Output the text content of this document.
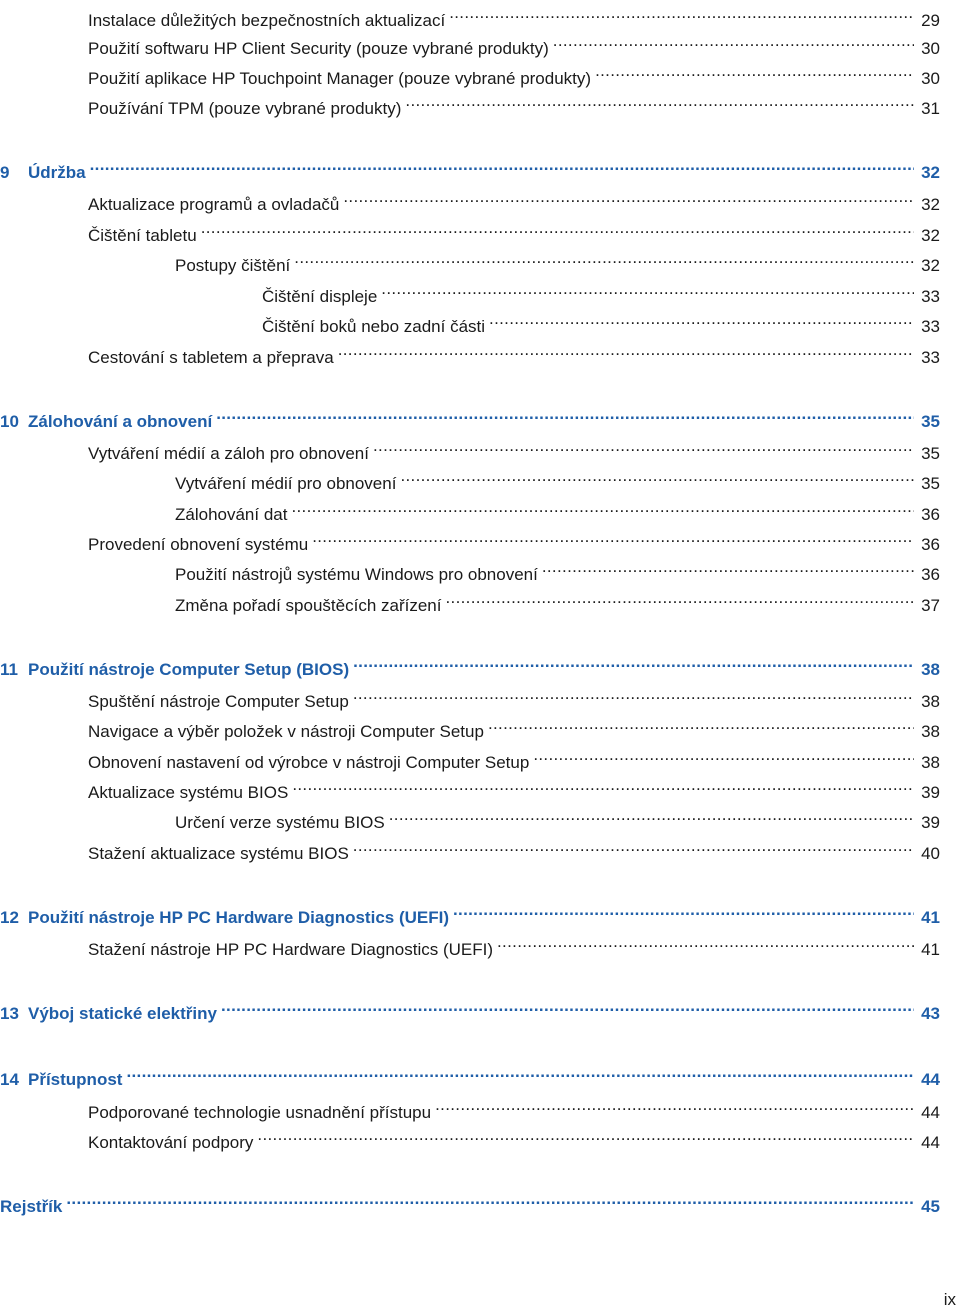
Instalace důležitých bezpečnostních aktualizací . . .	29
Použití softwaru HP Client Security (pouze vybrané produkty) . . .	30
Použití aplikace HP Touchpoint Manager (pouze vybrané produkty) . . .	30
Používání TPM (pouze vybrané produkty) . . .	31
9	Údržba . . .	32
Aktualizace programů a ovladačů . . .	32
Čištění tabletu . . .	32
Postupy čištění . . .	32
Čištění displeje . . .	33
Čištění boků nebo zadní části . . .	33
Cestování s tabletem a přeprava . . .	33
10 Zálohování a obnovení . . .	35
Vytváření médií a záloh pro obnovení . . .	35
Vytváření médií pro obnovení . . .	35
Zálohování dat . . .	36
Provedení obnovení systému . . .	36
Použití nástrojů systému Windows pro obnovení . . .	36
Změna pořadí spouštěcích zařízení . . .	37
11 Použití nástroje Computer Setup (BIOS) . . .	38
Spuštění nástroje Computer Setup . . .	38
Navigace a výběr položek v nástroji Computer Setup . . .	38
Obnovení nastavení od výrobce v nástroji Computer Setup . . .	38
Aktualizace systému BIOS . . .	39
Určení verze systému BIOS . . .	39
Stažení aktualizace systému BIOS . . .	40
12 Použití nástroje HP PC Hardware Diagnostics (UEFI) . . .	41
Stažení nástroje HP PC Hardware Diagnostics (UEFI) . . .	41
13 Výboj statické elektřiny . . .	43
14 Přístupnost . . .	44
Podporované technologie usnadnění přístupu . . .	44
Kontaktování podpory . . .	44
Rejstřík . . .	45
ix
